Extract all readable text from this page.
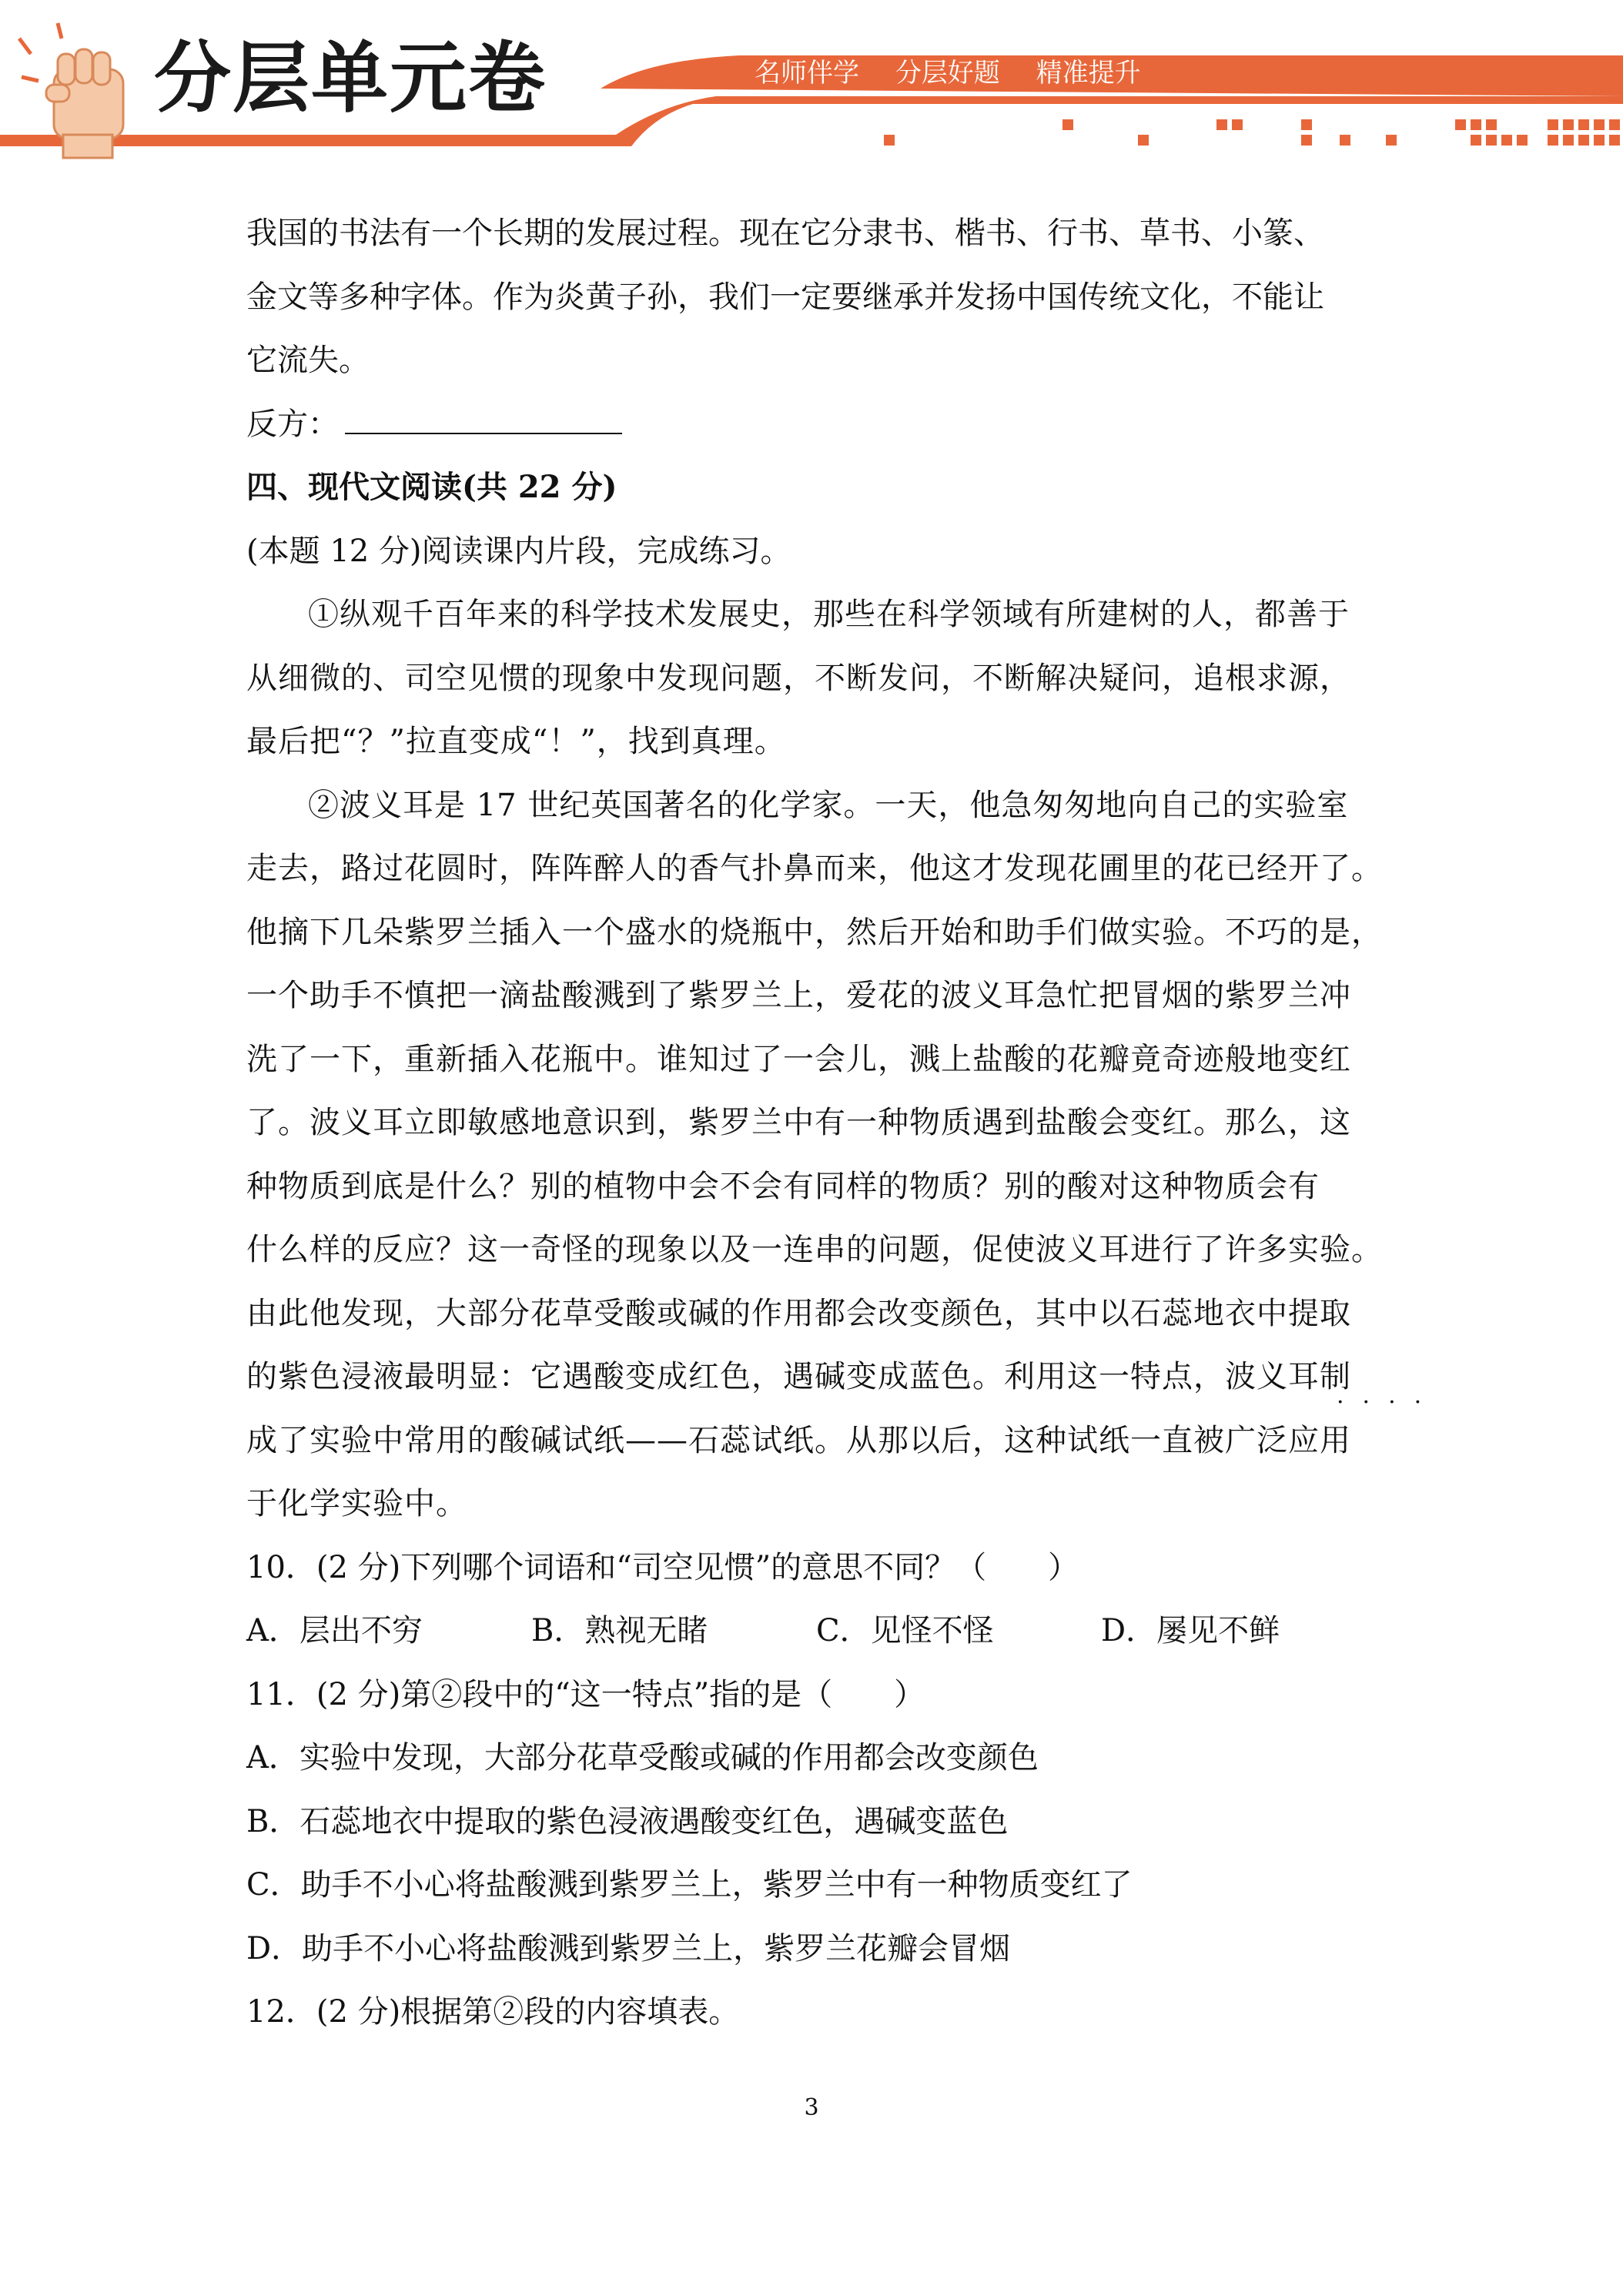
分层单元卷	名师伴学 分层好题 精准提升
我国的书法有一个长期的发展过程。现在它分隶书、楷书、行书、草书、小篆、
金文等多种字体。作为炎黄子孙，我们一定要继承并发扬中国传统文化，不能让
它流失。
反方：
四、现代文阅读(共 22 分)
(本题 12 分)阅读课内片段，完成练习。
①纵观千百年来的科学技术发展史，那些在科学领域有所建树的人，都善于
从细微的、司空见惯的现象中发现问题，不断发问，不断解决疑问，追根求源，
最后把“？”拉直变成“！”，找到真理。
②波义耳是 17 世纪英国著名的化学家。一天，他急匆匆地向自己的实验室
走去，路过花圆时，阵阵醉人的香气扑鼻而来，他这才发现花圃里的花已经开了。
他摘下几朵紫罗兰插入一个盛水的烧瓶中，然后开始和助手们做实验。不巧的是，
一个助手不慎把一滴盐酸溅到了紫罗兰上，爱花的波义耳急忙把冒烟的紫罗兰冲
洗了一下，重新插入花瓶中。谁知过了一会儿，溅上盐酸的花瓣竟奇迹般地变红
了。波义耳立即敏感地意识到，紫罗兰中有一种物质遇到盐酸会变红。那么，这
种物质到底是什么？别的植物中会不会有同样的物质？别的酸对这种物质会有
什么样的反应？这一奇怪的现象以及一连串的问题，促使波义耳进行了许多实验。
由此他发现，大部分花草受酸或碱的作用都会改变颜色，其中以石蕊地衣中提取
的紫色浸液最明显：它遇酸变成红色，遇碱变成蓝色。利用这一特点，波义耳制
····
成了实验中常用的酸碱试纸——石蕊试纸。从那以后，这种试纸一直被广泛应用
于化学实验中。
10．(2 分)下列哪个词语和“司空见惯”的意思不同？（　　）
A．层出不穷	B．熟视无睹	C．见怪不怪	D．屡见不鲜
11．(2 分)第②段中的“这一特点”指的是（　　）
A．实验中发现，大部分花草受酸或碱的作用都会改变颜色
B．石蕊地衣中提取的紫色浸液遇酸变红色，遇碱变蓝色
C．助手不小心将盐酸溅到紫罗兰上，紫罗兰中有一种物质变红了
D．助手不小心将盐酸溅到紫罗兰上，紫罗兰花瓣会冒烟
12．(2 分)根据第②段的内容填表。
3
